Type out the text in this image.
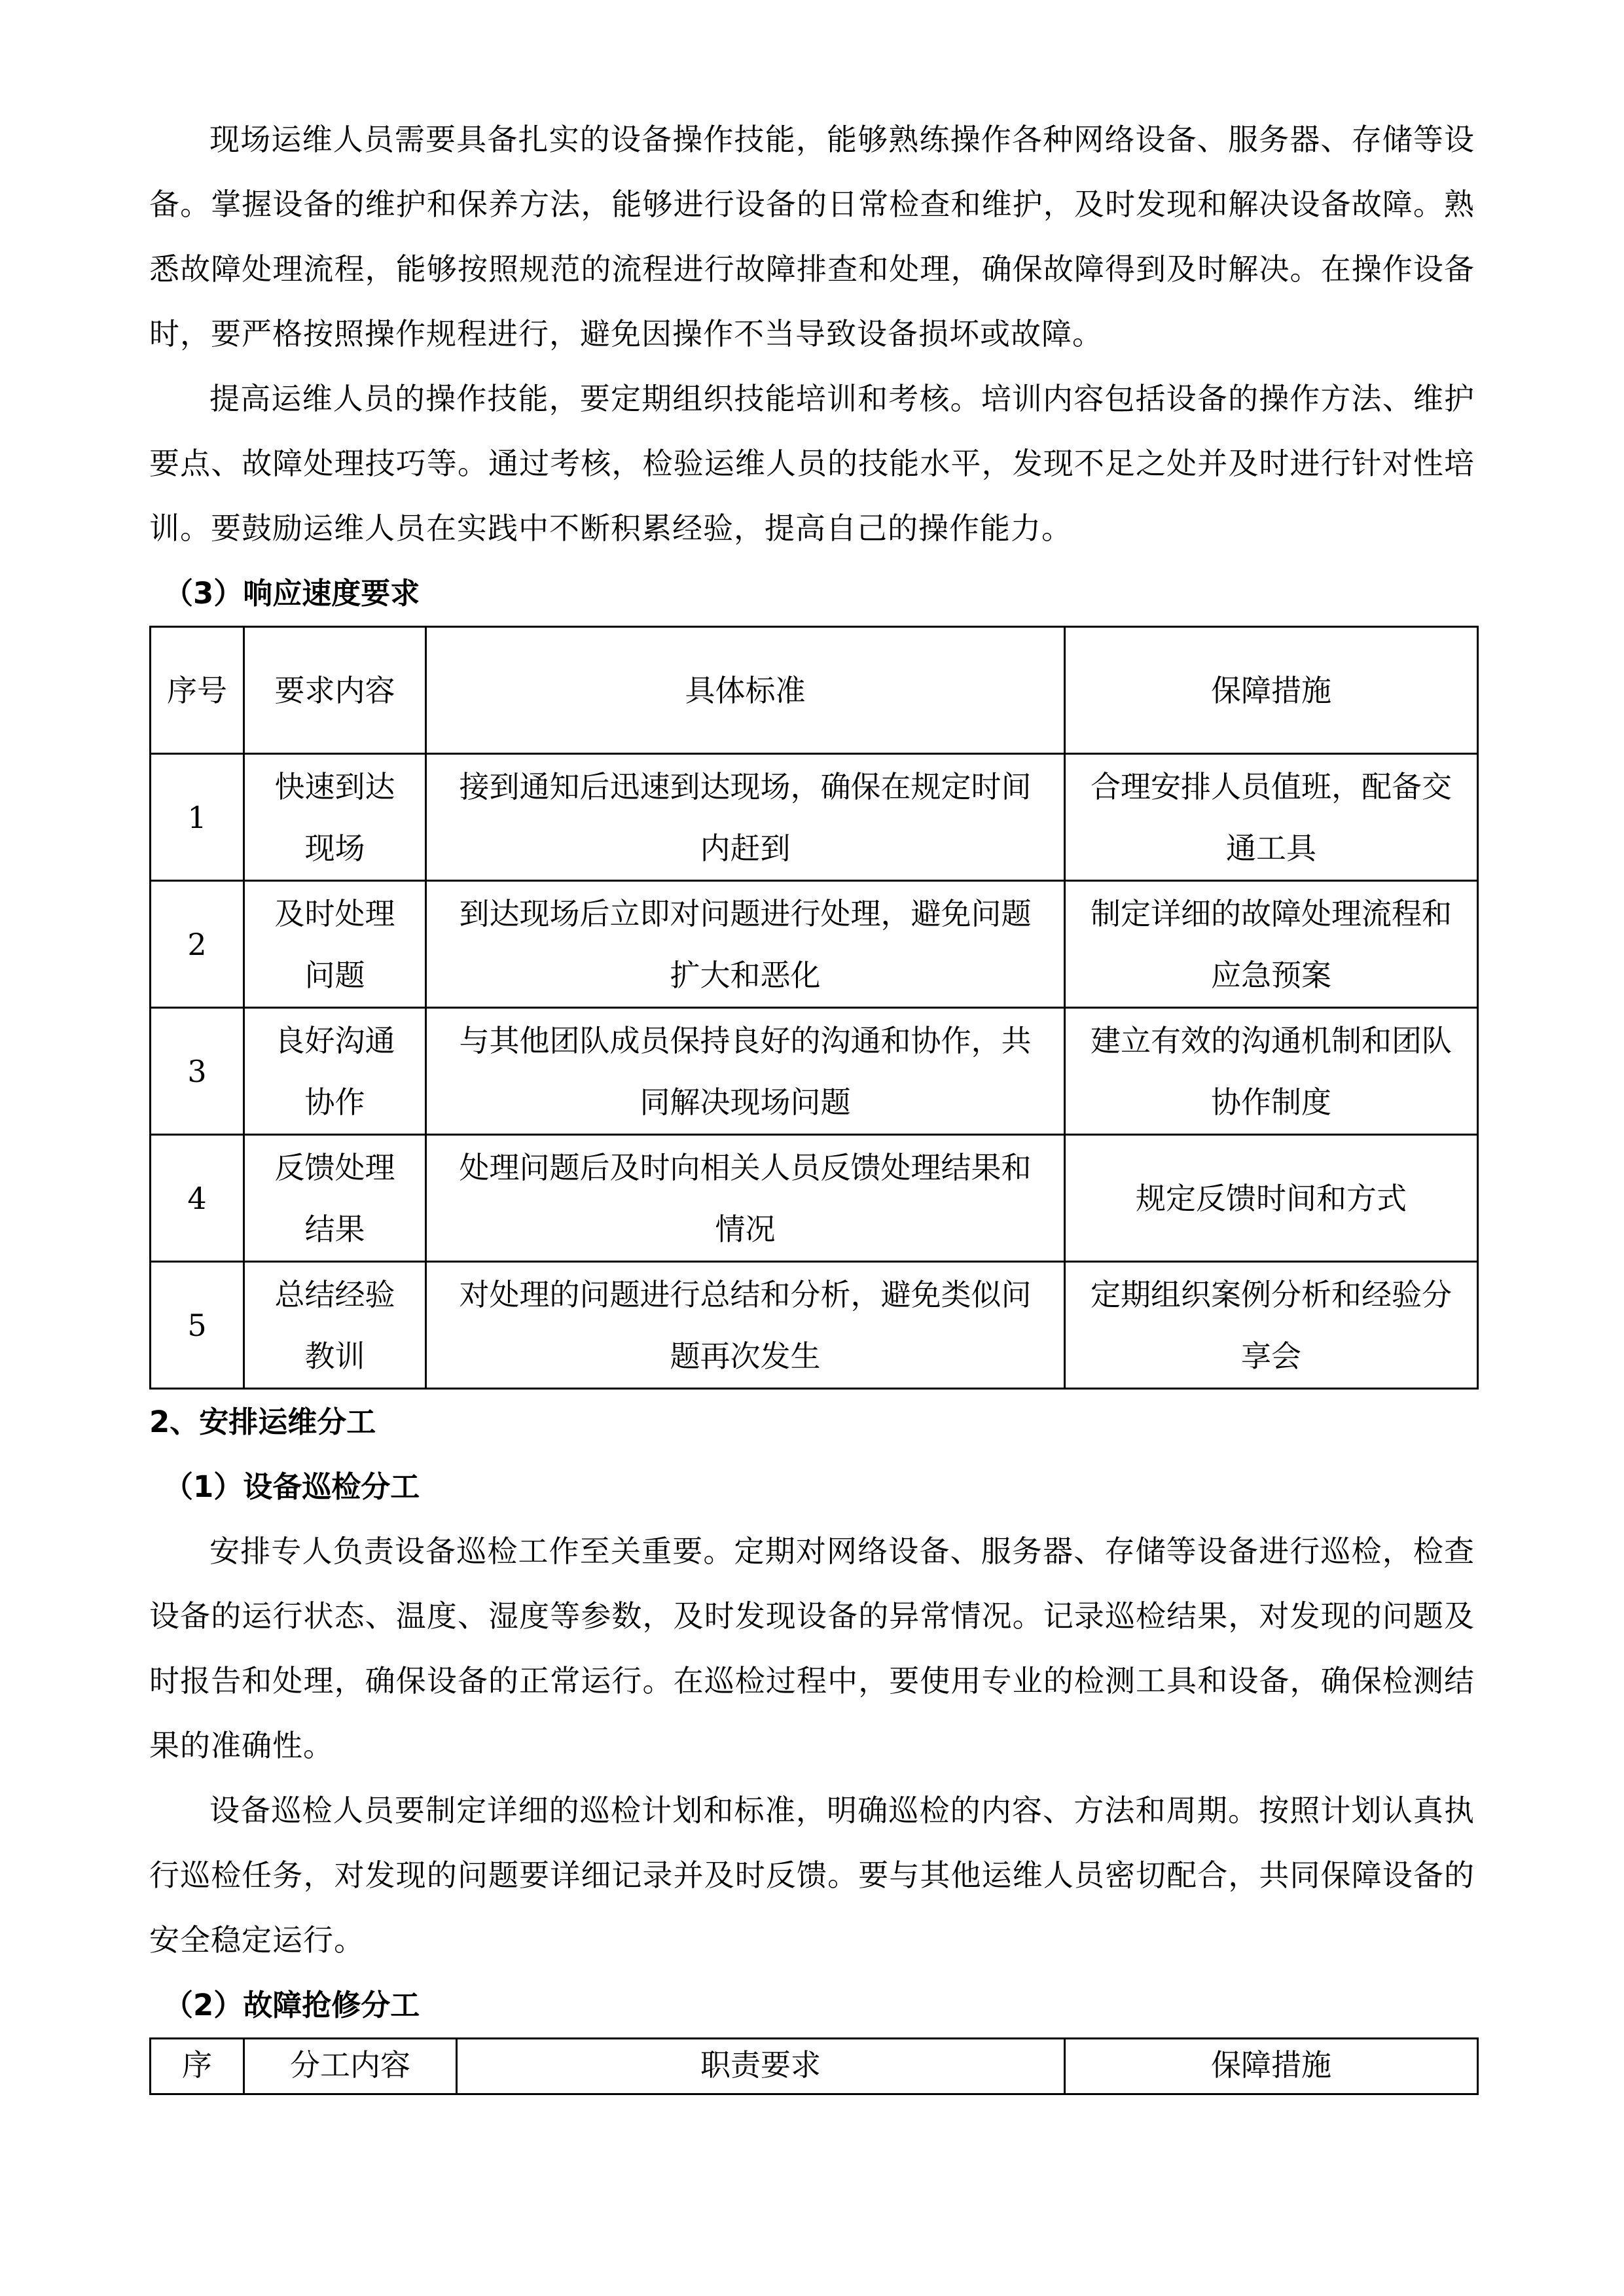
现场运维人员需要具备扎实的设备操作技能，能够熟练操作各种网络设备、服务器、存储等设备。掌握设备的维护和保养方法，能够进行设备的日常检查和维护，及时发现和解决设备故障。熟悉故障处理流程，能够按照规范的流程进行故障排查和处理，确保故障得到及时解决。在操作设备时，要严格按照操作规程进行，避免因操作不当导致设备损坏或故障。

提高运维人员的操作技能，要定期组织技能培训和考核。培训内容包括设备的操作方法、维护要点、故障处理技巧等。通过考核，检验运维人员的技能水平，发现不足之处并及时进行针对性培训。要鼓励运维人员在实践中不断积累经验，提高自己的操作能力。

（3）响应速度要求
序号	要求内容	具体标准	保障措施
1	快速到达现场	接到通知后迅速到达现场，确保在规定时间内赶到	合理安排人员值班，配备交通工具
2	及时处理问题	到达现场后立即对问题进行处理，避免问题扩大和恶化	制定详细的故障处理流程和应急预案
3	良好沟通协作	与其他团队成员保持良好的沟通和协作，共同解决现场问题	建立有效的沟通机制和团队协作制度
4	反馈处理结果	处理问题后及时向相关人员反馈处理结果和情况	规定反馈时间和方式
5	总结经验教训	对处理的问题进行总结和分析，避免类似问题再次发生	定期组织案例分析和经验分享会
2、安排运维分工
（1）设备巡检分工

安排专人负责设备巡检工作至关重要。定期对网络设备、服务器、存储等设备进行巡检，检查设备的运行状态、温度、湿度等参数，及时发现设备的异常情况。记录巡检结果，对发现的问题及时报告和处理，确保设备的正常运行。在巡检过程中，要使用专业的检测工具和设备，确保检测结果的准确性。

设备巡检人员要制定详细的巡检计划和标准，明确巡检的内容、方法和周期。按照计划认真执行巡检任务，对发现的问题要详细记录并及时反馈。要与其他运维人员密切配合，共同保障设备的安全稳定运行。

（2）故障抢修分工
序	分工内容	职责要求	保障措施
